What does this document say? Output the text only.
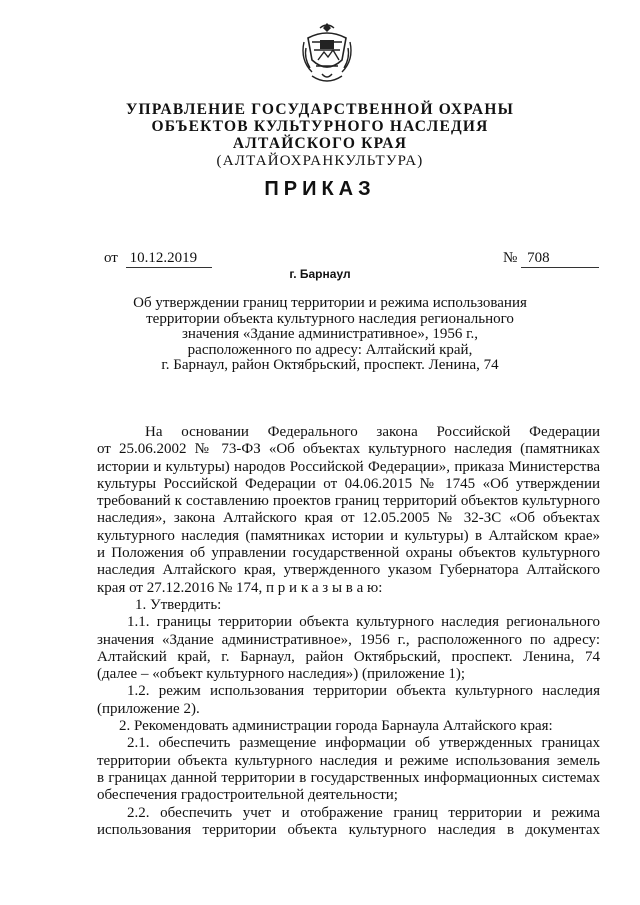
УПРАВЛЕНИЕ ГОСУДАРСТВЕННОЙ ОХРАНЫ
ОБЪЕКТОВ КУЛЬТУРНОГО НАСЛЕДИЯ
АЛТАЙСКОГО КРАЯ
(АЛТАЙОХРАНКУЛЬТУРА)
ПРИКАЗ
от 10.12.2019	№ 708
г. Барнаул
Об утверждении границ территории и режима использования
территории объекта культурного наследия регионального
значения «Здание административное», 1956 г.,
расположенного по адресу: Алтайский край,
г. Барнаул, район Октябрьский, проспект. Ленина, 74

На основании Федерального закона Российской Федерации

от 25.06.2002 № 73-ФЗ «Об объектах культурного наследия (памятниках

истории и культуры) народов Российской Федерации», приказа Министерства

культуры Российской Федерации от 04.06.2015 № 1745 «Об утверждении

требований к составлению проектов границ территорий объектов культурного

наследия», закона Алтайского края от 12.05.2005 № 32-ЗС «Об объектах

культурного наследия (памятниках истории и культуры) в Алтайском крае»

и Положения об управлении государственной охраны объектов культурного

наследия Алтайского края, утвержденного указом Губернатора Алтайского

края от 27.12.2016 № 174, п р и к а з ы в а ю:

1. Утвердить:

1.1. границы территории объекта культурного наследия регионального

значения «Здание административное», 1956 г., расположенного по адресу:

Алтайский край, г. Барнаул, район Октябрьский, проспект. Ленина, 74

(далее – «объект культурного наследия») (приложение 1);

1.2. режим использования территории объекта культурного наследия

(приложение 2).

2. Рекомендовать администрации города Барнаула Алтайского края:

2.1. обеспечить размещение информации об утвержденных границах

территории объекта культурного наследия и режиме использования земель

в границах данной территории в государственных информационных системах

обеспечения градостроительной деятельности;

2.2. обеспечить учет и отображение границ территории и режима

использования территории объекта культурного наследия в документах
